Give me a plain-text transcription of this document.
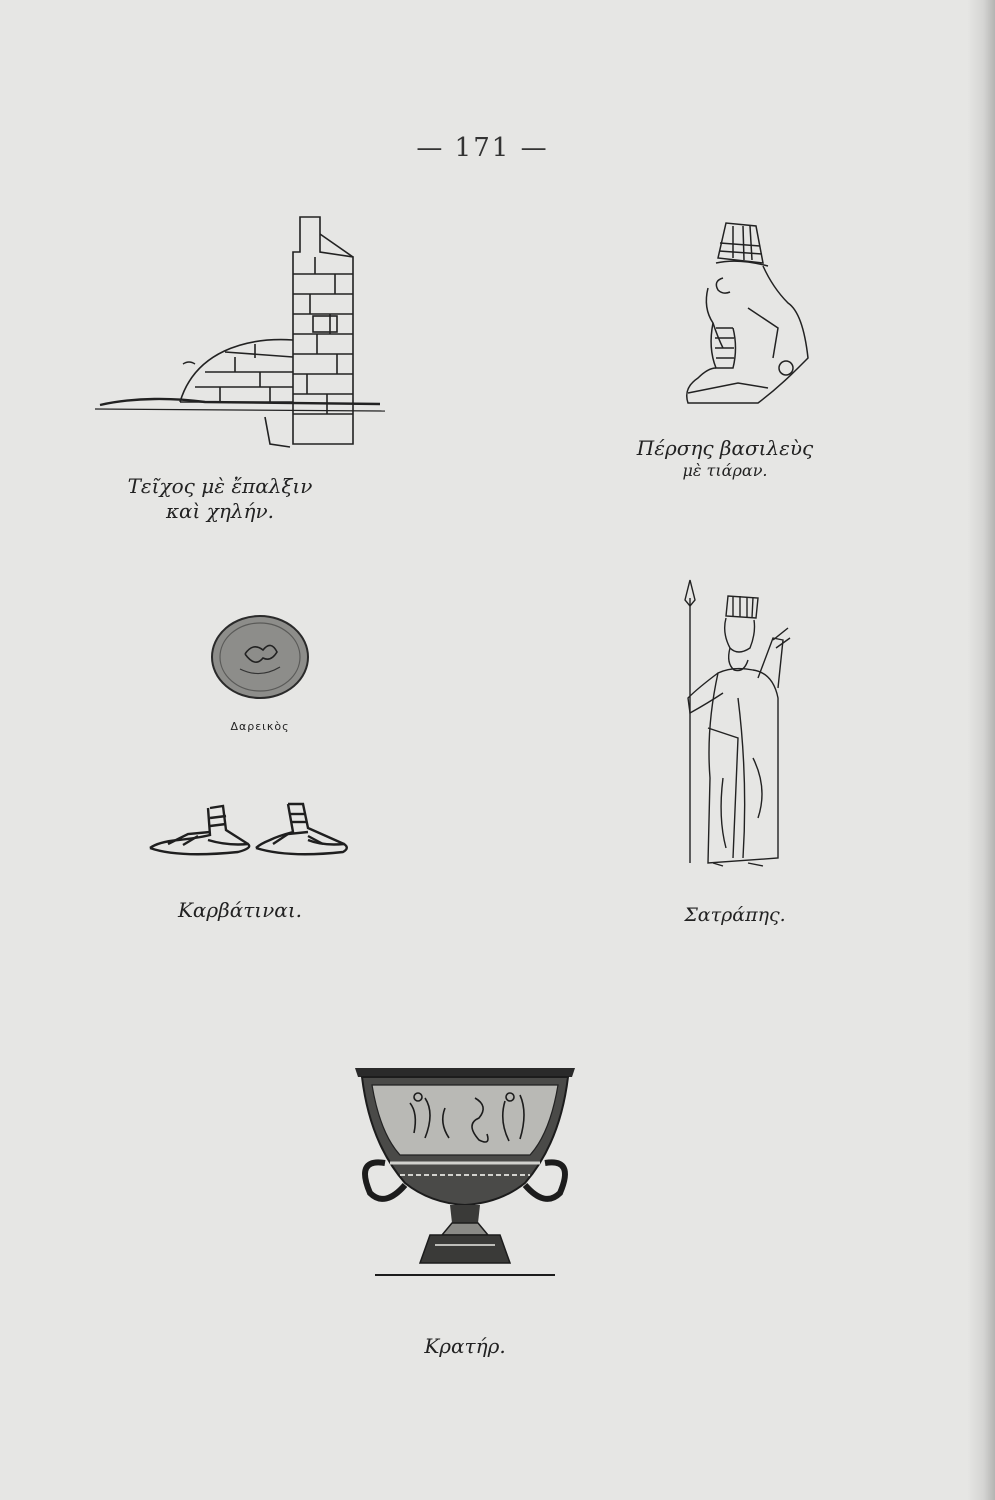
— 171 —
Τεῖχος μὲ ἔπαλξιν
καὶ χηλήν.
Πέρσης βασιλεὺς
μὲ τιάραν.
Δαρεικὸς
Καρβάτιναι.	Σατράπης.
Κρατήρ.
